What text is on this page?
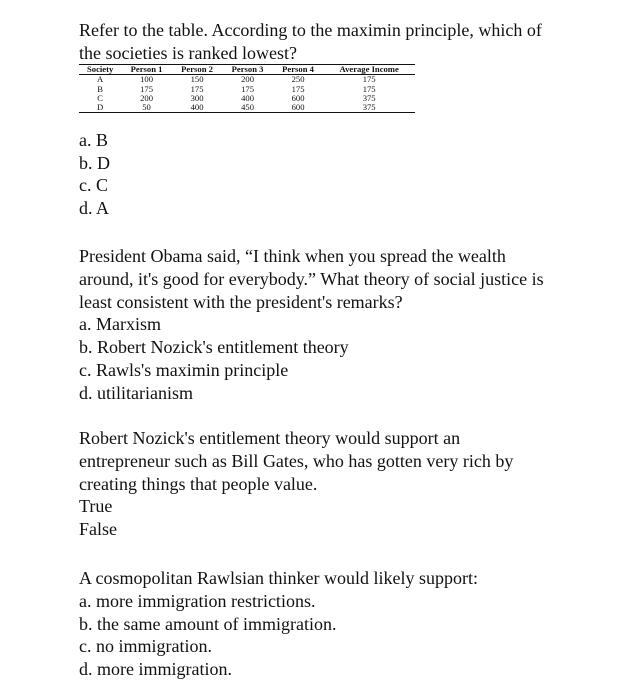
Refer to the table. According to the maximin principle, which of

the societies is ranked lowest?

Society	Person 1	Person 2	Person 3	Person 4	Average Income
A	100	150	200	250	175
B	175	175	175	175	175
C	200	300	400	600	375
D	50	400	450	600	375

a. B

b. D

c. C

d. A

President Obama said, “I think when you spread the wealth

around, it's good for everybody.” What theory of social justice is

least consistent with the president's remarks?

a. Marxism

b. Robert Nozick's entitlement theory

c. Rawls's maximin principle

d. utilitarianism

Robert Nozick's entitlement theory would support an

entrepreneur such as Bill Gates, who has gotten very rich by

creating things that people value.

True

False

A cosmopolitan Rawlsian thinker would likely support:

a. more immigration restrictions.

b. the same amount of immigration.

c. no immigration.

d. more immigration.
